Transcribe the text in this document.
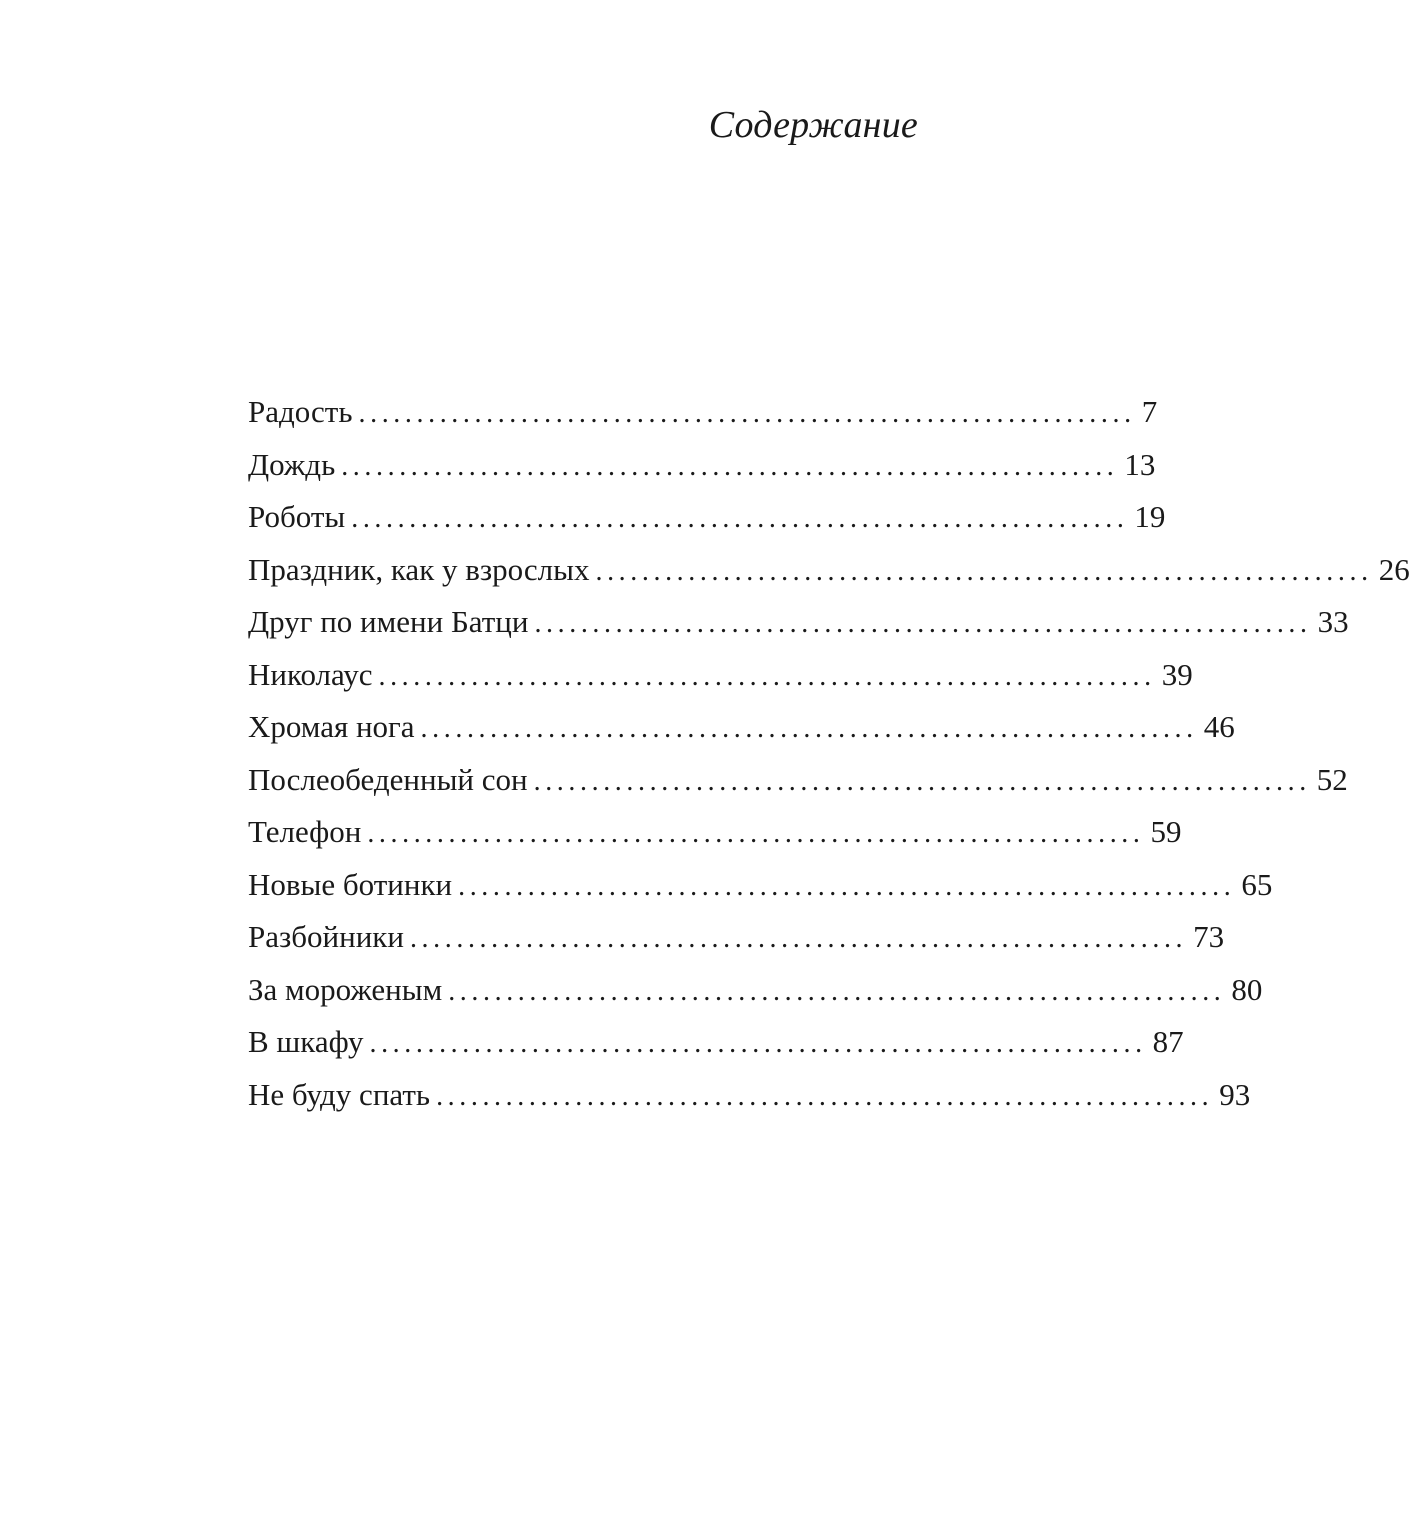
Содержание
Радость ................................................................... 7
Дождь ................................................................... 13
Роботы ................................................................... 19
Праздник, как у взрослых ................................................................... 26
Друг по имени Батци ................................................................... 33
Николаус ................................................................... 39
Хромая нога ................................................................... 46
Послеобеденный сон ................................................................... 52
Телефон ................................................................... 59
Новые ботинки ................................................................... 65
Разбойники ................................................................... 73
За мороженым ................................................................... 80
В шкафу ................................................................... 87
Не буду спать ................................................................... 93
